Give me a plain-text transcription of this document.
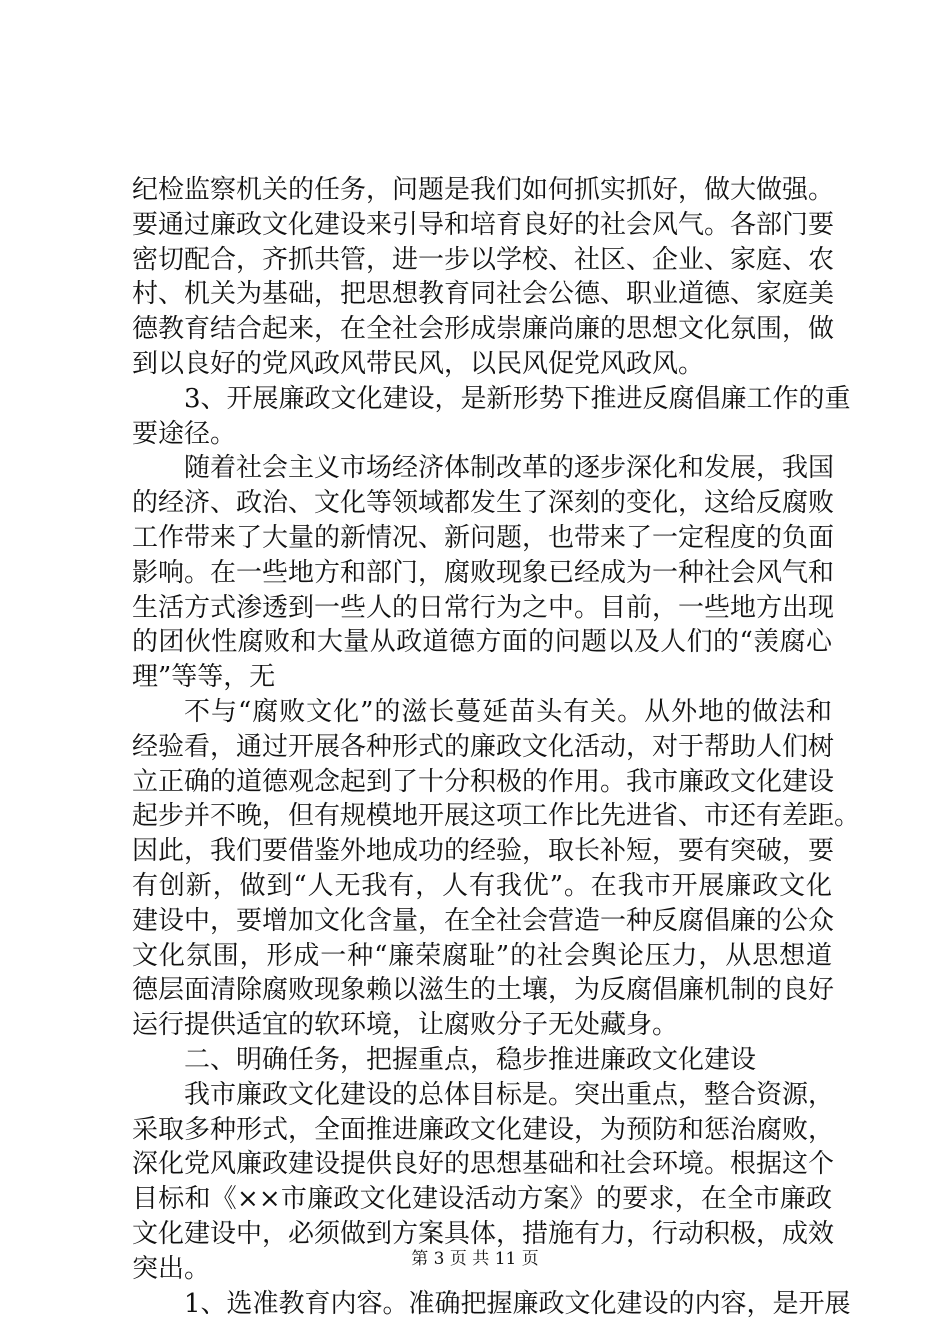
纪检监察机关的任务，问题是我们如何抓实抓好，做大做强。
要通过廉政文化建设来引导和培育良好的社会风气。各部门要
密切配合，齐抓共管，进一步以学校、社区、企业、家庭、农
村、机关为基础，把思想教育同社会公德、职业道德、家庭美
德教育结合起来，在全社会形成崇廉尚廉的思想文化氛围，做
到以良好的党风政风带民风，以民风促党风政风。
3、开展廉政文化建设，是新形势下推进反腐倡廉工作的重
要途径。
随着社会主义市场经济体制改革的逐步深化和发展，我国
的经济、政治、文化等领域都发生了深刻的变化，这给反腐败
工作带来了大量的新情况、新问题，也带来了一定程度的负面
影响。在一些地方和部门，腐败现象已经成为一种社会风气和
生活方式渗透到一些人的日常行为之中。目前，一些地方出现
的团伙性腐败和大量从政道德方面的问题以及人们的“羡腐心
理”等等，无
不与“腐败文化”的滋长蔓延苗头有关。从外地的做法和
经验看，通过开展各种形式的廉政文化活动，对于帮助人们树
立正确的道德观念起到了十分积极的作用。我市廉政文化建设
起步并不晚，但有规模地开展这项工作比先进省、市还有差距。
因此，我们要借鉴外地成功的经验，取长补短，要有突破，要
有创新，做到“人无我有，人有我优”。在我市开展廉政文化
建设中，要增加文化含量，在全社会营造一种反腐倡廉的公众
文化氛围，形成一种“廉荣腐耻”的社会舆论压力，从思想道
德层面清除腐败现象赖以滋生的土壤，为反腐倡廉机制的良好
运行提供适宜的软环境，让腐败分子无处藏身。
二、明确任务，把握重点，稳步推进廉政文化建设
我市廉政文化建设的总体目标是。突出重点，整合资源，
采取多种形式，全面推进廉政文化建设，为预防和惩治腐败，
深化党风廉政建设提供良好的思想基础和社会环境。根据这个
目标和《××市廉政文化建设活动方案》的要求，在全市廉政
文化建设中，必须做到方案具体，措施有力，行动积极，成效
突出。
1、选准教育内容。准确把握廉政文化建设的内容，是开展
第 3 页 共 11 页
